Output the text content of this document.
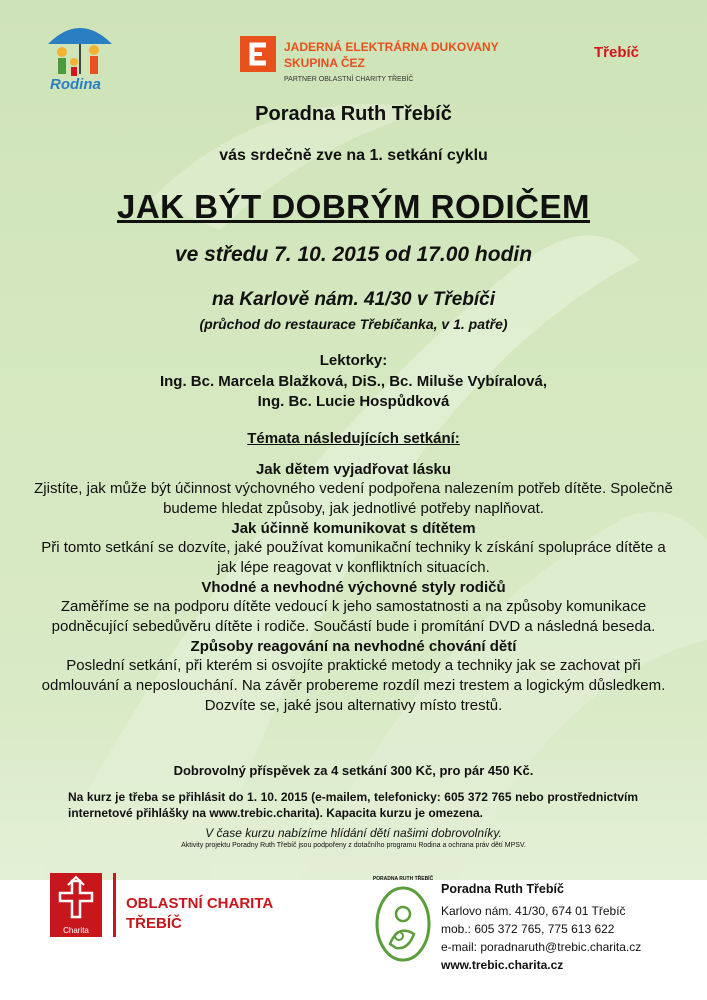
Rodina
JADERNÁ ELEKTRÁRNA DUKOVANY
SKUPINA ČEZ
PARTNER OBLASTNÍ CHARITY TŘEBÍČ
Třebíč
Poradna Ruth Třebíč
vás srdečně zve na 1. setkání cyklu
JAK BÝT DOBRÝM RODIČEM
ve středu 7. 10. 2015 od 17.00 hodin
na Karlově nám. 41/30 v Třebíči
(průchod do restaurace Třebíčanka, v 1. patře)
Lektorky:
Ing. Bc. Marcela Blažková, DiS., Bc. Miluše Vybíralová,
Ing. Bc. Lucie Hospůdková
Témata následujících setkání:
Jak dětem vyjadřovat lásku
Zjistíte, jak může být účinnost výchovného vedení podpořena nalezením potřeb dítěte. Společně budeme hledat způsoby, jak jednotlivé potřeby naplňovat.
Jak účinně komunikovat s dítětem
Při tomto setkání se dozvíte, jaké používat komunikační techniky k získání spolupráce dítěte a jak lépe reagovat v konfliktních situacích.
Vhodné a nevhodné výchovné styly rodičů
Zaměříme se na podporu dítěte vedoucí k jeho samostatnosti a na způsoby komunikace podněcující sebedůvěru dítěte i rodiče. Součástí bude i promítání DVD a následná beseda.
Způsoby reagování na nevhodné chování dětí
Poslední setkání, při kterém si osvojíte praktické metody a techniky jak se zachovat při odmlouvání a neposlouchání. Na závěr probereme rozdíl mezi trestem a logickým důsledkem. Dozvíte se, jaké jsou alternativy místo trestů.
Dobrovolný příspěvek za 4 setkání 300 Kč, pro pár 450 Kč.
Na kurz je třeba se přihlásit do 1. 10. 2015 (e-mailem, telefonicky: 605 372 765 nebo prostřednictvím internetové přihlášky na www.trebic.charita). Kapacita kurzu je omezena.
V čase kurzu nabízíme hlídání dětí našimi dobrovolníky.
Aktivity projektu Poradny Ruth Třebíč jsou podpořeny z dotačního programu Rodina a ochrana práv dětí MPSV.
Charita
OBLASTNÍ CHARITA
TŘEBÍČ
PORADNA RUTH TŘEBÍČ
Poradna Ruth Třebíč
Karlovo nám. 41/30, 674 01 Třebíč
mob.: 605 372 765, 775 613 622
e-mail: poradnaruth@trebic.charita.cz
www.trebic.charita.cz
